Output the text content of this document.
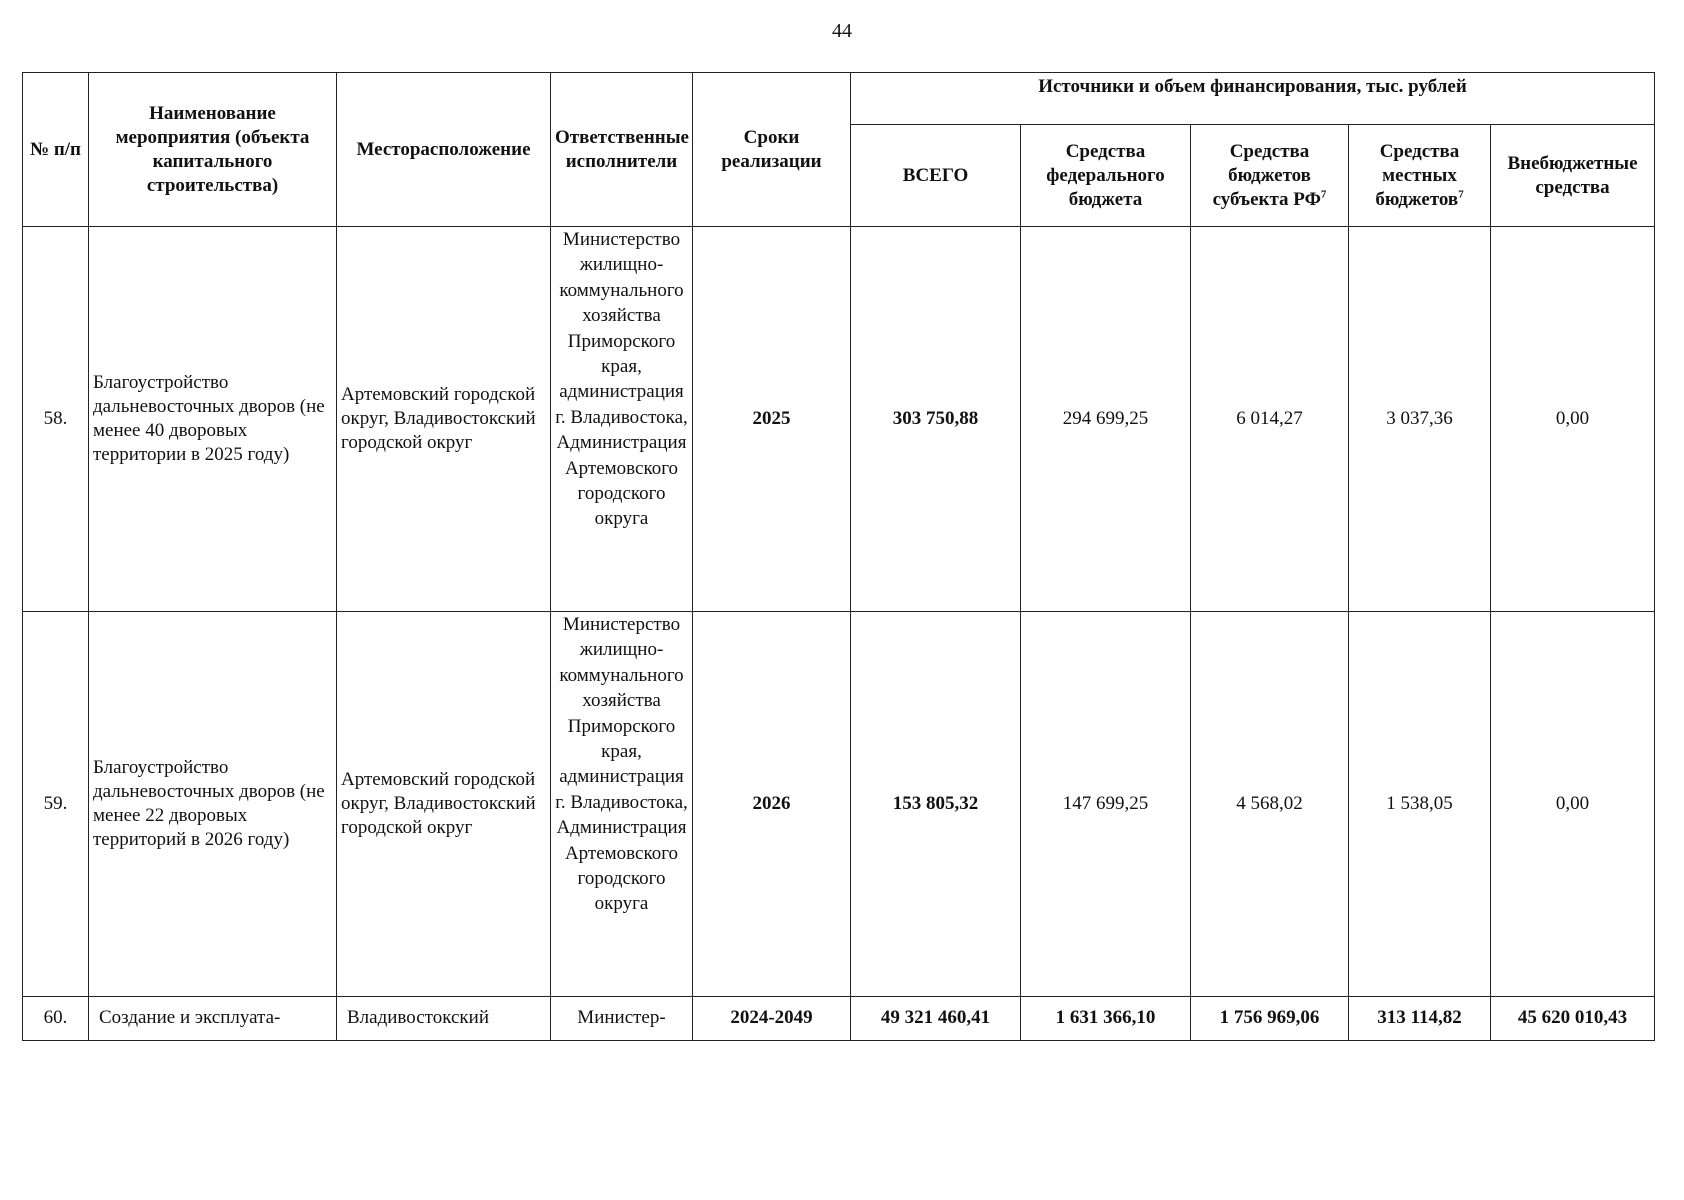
44
№ п/п	Наименование мероприятия (объекта капитального строительства)	Месторасположение	Ответственные исполнители	Сроки реализации	Источники и объем финансирования, тыс. рублей				
					ВСЕГО	Средства федерального бюджета	Средства бюджетов субъекта $РФ^7$	Средства местных бюджетов$^7$	Внебюджетные средства
58.	Благоустройство дальневосточных дворов (не менее 40 дворовых территории в 2025 году)	Артемовский городской округ, Владивостокский городской округ	Министерство жилищно-коммунального хозяйства Приморского края, администрация г. Владивостока, Администрация Артемовского городского округа	2025	303 750,88	294 699,25	6 014,27	3 037,36	0,00
59.	Благоустройство дальневосточных дворов (не менее 22 дворовых территорий в 2026 году)	Артемовский городской округ, Владивостокский городской округ	Министерство жилищно-коммунального хозяйства Приморского края, администрация г. Владивостока, Администрация Артемовского городского округа	2026	153 805,32	147 699,25	4 568,02	1 538,05	0,00
60.	Создание и эксплуата-	Владивостокский	Министер-	2024-2049	49 321 460,41	1 631 366,10	1 756 969,06	313 114,82	45 620 010,43
